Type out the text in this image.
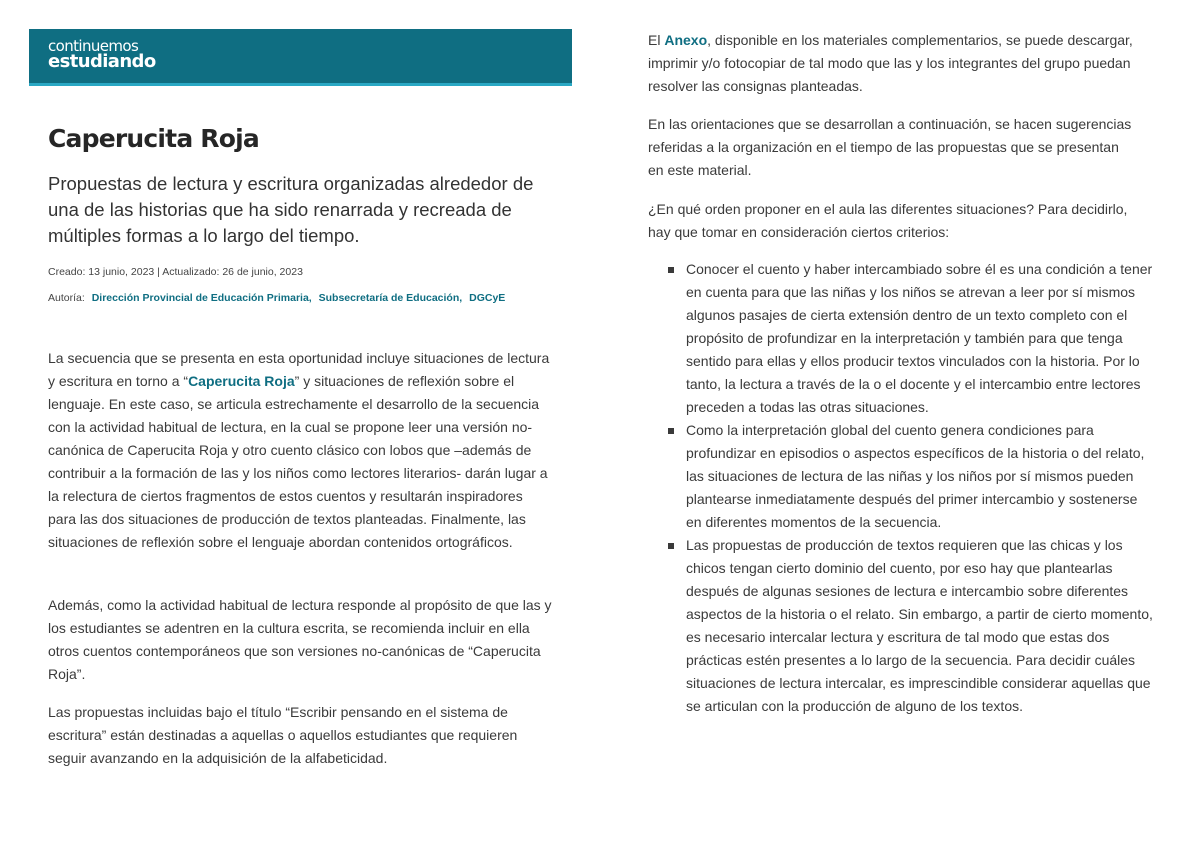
continuemos
estudiando
Caperucita Roja

Propuestas de lectura y escritura organizadas alrededor de una de las historias que ha sido renarrada y recreada de múltiples formas a lo largo del tiempo.

Creado: 13 junio, 2023 | Actualizado: 26 de junio, 2023
Autoría: Dirección Provincial de Educación Primaria, Subsecretaría de Educación, DGCyE

La secuencia que se presenta en esta oportunidad incluye situaciones de lectura y escritura en torno a “Caperucita Roja” y situaciones de reflexión sobre el lenguaje. En este caso, se articula estrechamente el desarrollo de la secuencia con la actividad habitual de lectura, en la cual se propone leer una versión no-canónica de Caperucita Roja y otro cuento clásico con lobos que –además de contribuir a la formación de las y los niños como lectores literarios- darán lugar a la relectura de ciertos fragmentos de estos cuentos y resultarán inspiradores para las dos situaciones de producción de textos planteadas. Finalmente, las situaciones de reflexión sobre el lenguaje abordan contenidos ortográficos.

Además, como la actividad habitual de lectura responde al propósito de que las y los estudiantes se adentren en la cultura escrita, se recomienda incluir en ella otros cuentos contemporáneos que son versiones no-canónicas de “Caperucita Roja”.

Las propuestas incluidas bajo el título “Escribir pensando en el sistema de escritura” están destinadas a aquellas o aquellos estudiantes que requieren seguir avanzando en la adquisición de la alfabeticidad.

El Anexo, disponible en los materiales complementarios, se puede descargar, imprimir y/o fotocopiar de tal modo que las y los integrantes del grupo puedan resolver las consignas planteadas.

En las orientaciones que se desarrollan a continuación, se hacen sugerencias referidas a la organización en el tiempo de las propuestas que se presentan en este material.

¿En qué orden proponer en el aula las diferentes situaciones? Para decidirlo, hay que tomar en consideración ciertos criterios:

Conocer el cuento y haber intercambiado sobre él es una condición a tener en cuenta para que las niñas y los niños se atrevan a leer por sí mismos algunos pasajes de cierta extensión dentro de un texto completo con el propósito de profundizar en la interpretación y también para que tenga sentido para ellas y ellos producir textos vinculados con la historia. Por lo tanto, la lectura a través de la o el docente y el intercambio entre lectores preceden a todas las otras situaciones.
Como la interpretación global del cuento genera condiciones para profundizar en episodios o aspectos específicos de la historia o del relato, las situaciones de lectura de las niñas y los niños por sí mismos pueden plantearse inmediatamente después del primer intercambio y sostenerse en diferentes momentos de la secuencia.
Las propuestas de producción de textos requieren que las chicas y los chicos tengan cierto dominio del cuento, por eso hay que plantearlas después de algunas sesiones de lectura e intercambio sobre diferentes aspectos de la historia o el relato. Sin embargo, a partir de cierto momento, es necesario intercalar lectura y escritura de tal modo que estas dos prácticas estén presentes a lo largo de la secuencia. Para decidir cuáles situaciones de lectura intercalar, es imprescindible considerar aquellas que se articulan con la producción de alguno de los textos.
